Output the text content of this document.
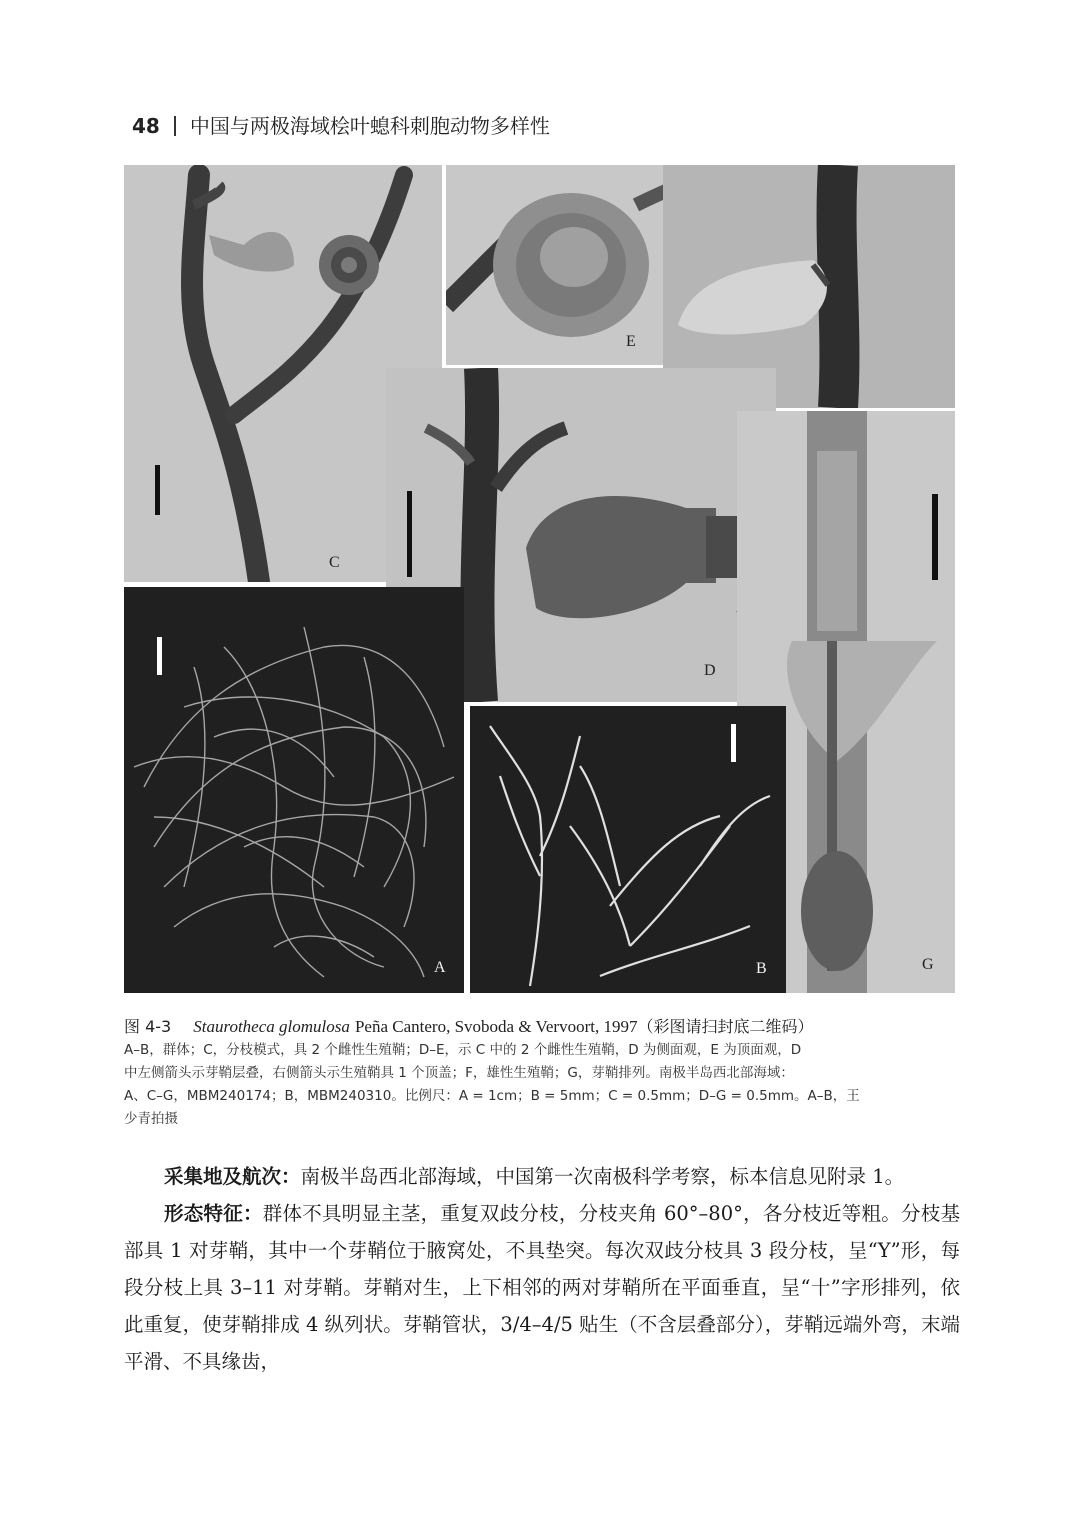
48 中国与两极海域桧叶螅科刺胞动物多样性
C
E
D
G
A	B
图 4-3 Staurotheca glomulosa Peña Cantero, Svoboda & Vervoort, 1997（彩图请扫封底二维码）
A–B，群体；C，分枝模式，具 2 个雌性生殖鞘；D–E，示 C 中的 2 个雌性生殖鞘，D 为侧面观，E 为顶面观，D
中左侧箭头示芽鞘层叠，右侧箭头示生殖鞘具 1 个顶盖；F，雄性生殖鞘；G，芽鞘排列。南极半岛西北部海域：
A、C–G，MBM240174；B，MBM240310。比例尺：A = 1cm；B = 5mm；C = 0.5mm；D–G = 0.5mm。A–B，王
少青拍摄

采集地及航次：南极半岛西北部海域，中国第一次南极科学考察，标本信息见附录 1。

形态特征：群体不具明显主茎，重复双歧分枝，分枝夹角 60°–80°，各分枝近等粗。分枝基部具 1 对芽鞘，其中一个芽鞘位于腋窝处，不具垫突。每次双歧分枝具 3 段分枝，呈“Y”形，每段分枝上具 3–11 对芽鞘。芽鞘对生，上下相邻的两对芽鞘所在平面垂直，呈“十”字形排列，依此重复，使芽鞘排成 4 纵列状。芽鞘管状，3/4–4/5 贴生（不含层叠部分），芽鞘远端外弯，末端平滑、不具缘齿，
